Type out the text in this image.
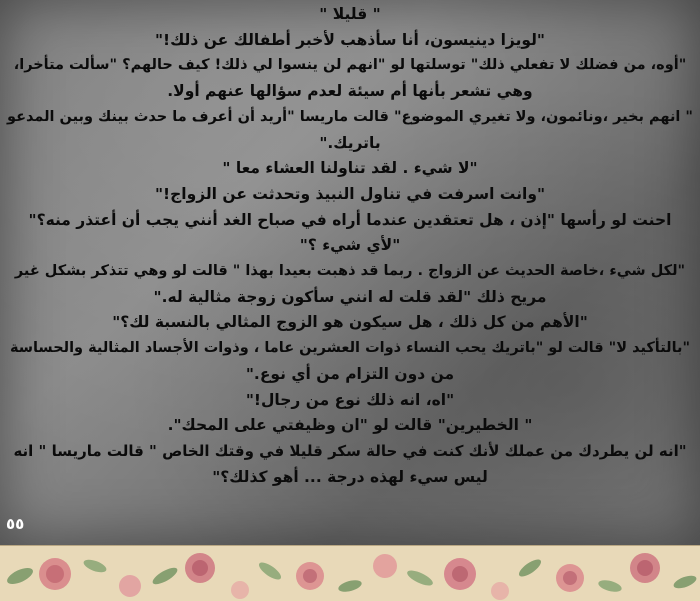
" قليلا "
"لويزا دينيسون، أنا سأذهب لأخبر أطفالك عن ذلك!"
"أوه، من فضلك لا تفعلي ذلك" توسلتها لو "انهم لن ينسوا لي ذلك! كيف حالهم؟ "سألت متأخرا،
وهي تشعر بأنها أم سيئة لعدم سؤالها عنهم أولا.
" انهم بخير ،ونائمون، ولا تغيري الموضوع" قالت ماريسا "أريد أن أعرف ما حدث بينك وبين المدعو
باتريك."
"لا شيء . لقد تناولنا العشاء معا "
"وانت اسرفت في تناول النبيذ وتحدثت عن الزواج!"
احنت لو رأسها "إذن ، هل تعتقدين عندما أراه في صباح الغد أنني يجب أن أعتذر منه؟"
"لأي شيء ؟"
"لكل شيء ،خاصة الحديث عن الزواج . ربما قد ذهبت بعيدا بهذا " قالت لو وهي تتذكر بشكل غير
مريح ذلك "لقد قلت له انني سأكون زوجة مثالية له."
"الأهم من كل ذلك ، هل سيكون هو الزوج المثالي بالنسبة لك؟"
"بالتأكيد لا" قالت لو "باتريك يحب النساء ذوات العشرين عاما ، وذوات الأجساد المثالية والحساسة
من دون التزام من أي نوع."
"اه، انه ذلك نوع من رجال!"
" الخطيرين" قالت لو "ان وظيفتي على المحك".
"انه لن يطردك من عملك لأنك كنت في حالة سكر قليلا في وقتك الخاص " قالت ماريسا " انه
ليس سيء لهذه درجة ... أهو كذلك؟"
٥٥
